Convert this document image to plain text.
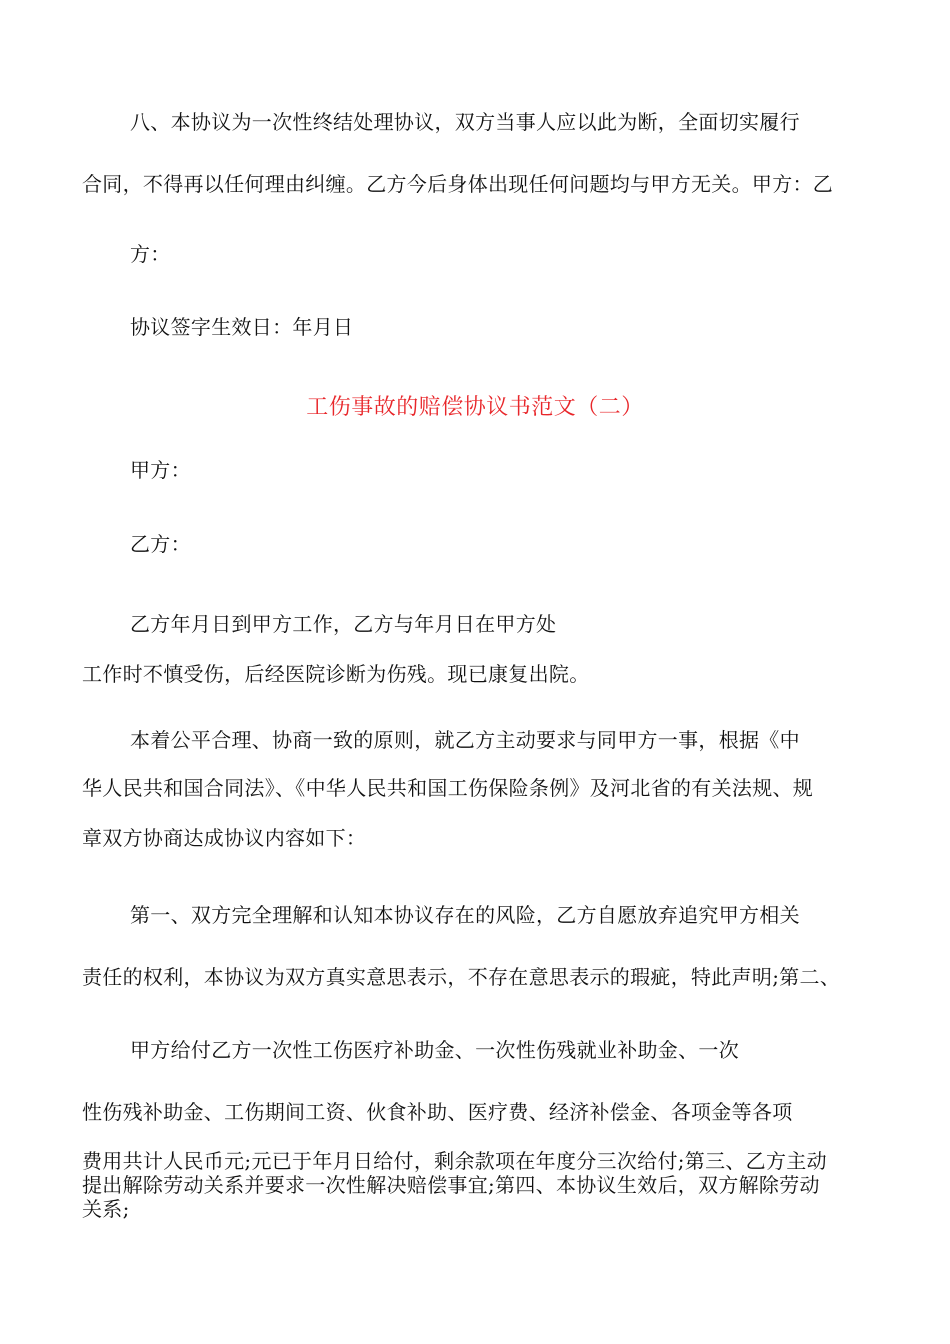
八、本协议为一次性终结处理协议，双方当事人应以此为断，全面切实履行
合同，不得再以任何理由纠缠。乙方今后身体出现任何问题均与甲方无关。甲方：乙
方：
协议签字生效日：年月日
工伤事故的赔偿协议书范文（二）
甲方：
乙方：
乙方年月日到甲方工作，乙方与年月日在甲方处
工作时不慎受伤，后经医院诊断为伤残。现已康复出院。
本着公平合理、协商一致的原则，就乙方主动要求与同甲方一事，根据《中
华人民共和国合同法》、《中华人民共和国工伤保险条例》及河北省的有关法规、规
章双方协商达成协议内容如下：
第一、双方完全理解和认知本协议存在的风险，乙方自愿放弃追究甲方相关
责任的权利，本协议为双方真实意思表示，不存在意思表示的瑕疵，特此声明;第二、
甲方给付乙方一次性工伤医疗补助金、一次性伤残就业补助金、一次
性伤残补助金、工伤期间工资、伙食补助、医疗费、经济补偿金、各项金等各项
费用共计人民币元;元已于年月日给付，剩余款项在年度分三次给付;第三、乙方主动
提出解除劳动关系并要求一次性解决赔偿事宜;第四、本协议生效后，双方解除劳动
关系;
